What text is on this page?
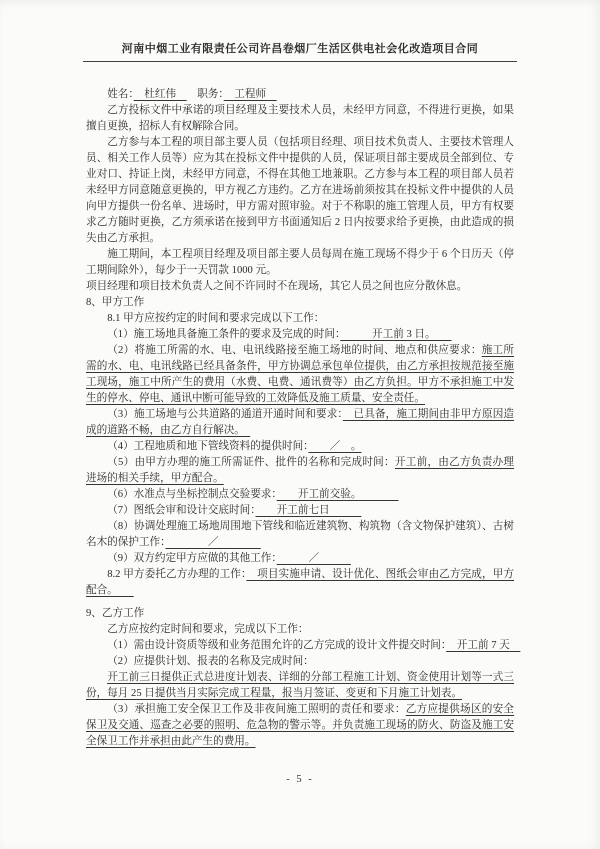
河南中烟工业有限责任公司许昌卷烟厂生活区供电社会化改造项目合同

姓名：　杜红伟　　职务：　工程师　

乙方投标文件中承诺的项目经理及主要技术人员，未经甲方同意，不得进行更换，如果擅自更换，招标人有权解除合同。

乙方参与本工程的项目部主要人员（包括项目经理、项目技术负责人、主要技术管理人员、相关工作人员等）应为其在投标文件中提供的人员，保证项目部主要成员全部到位、专业对口、持证上岗，未经甲方同意，不得在其他工地兼职。乙方参与本工程的项目部人员若未经甲方同意随意更换的，甲方视乙方违约。乙方在进场前须按其在投标文件中提供的人员向甲方提供一份名单、进场时，甲方需对照审验。对于不称职的施工管理人员，甲方有权要求乙方随时更换，乙方须承诺在接到甲方书面通知后 2 日内按要求给予更换，由此造成的损失由乙方承担。

施工期间，本工程项目经理及项目部主要人员每周在施工现场不得少于 6 个日历天（停工期间除外），每少于一天罚款 1000 元。

项目经理和项目技术负责人之间不许同时不在现场，其它人员之间也应分散休息。

8、甲方工作

8.1 甲方应按约定的时间和要求完成以下工作：

（1）施工场地具备施工条件的要求及完成的时间：　　　开工前 3 日。　　

（2）将施工所需的水、电、电讯线路接至施工场地的时间、地点和供应要求：施工所需的水、电、电讯线路已经具备条件，甲方协调总承包单位提供，由乙方承担按规范接至施工现场，施工中所产生的费用（水费、电费、通讯费等）由乙方负担。甲方不承担施工中发生的停水、停电、通讯中断可能导致的工效降低及施工质量、安全责任。

（3）施工场地与公共道路的通道开通时间和要求：　已具备，施工期间由非甲方原因造成的道路不畅，由乙方自行解决。　

（4）工程地质和地下管线资料的提供时间：　　／　。

（5）由甲方办理的施工所需证件、批件的名称和完成时间：开工前，由乙方负责办理进场的相关手续，甲方配合。

（6）水准点与坐标控制点交验要求：　　开工前交验。　　　　

（7）图纸会审和设计交底时间：　　开工前七日　　　

（8）协调处理施工场地周围地下管线和临近建筑物、构筑物（含文物保护建筑）、古树名木的保护工作：　　　　／　　　　

（9）双方约定甲方应做的其他工作：　　　／　　　

8.2 甲方委托乙方办理的工作：　项目实施申请、设计优化、图纸会审由乙方完成，甲方配合。　　

9、乙方工作

乙方应按约定时间和要求，完成以下工作：

（1）需由设计资质等级和业务范围允许的乙方完成的设计文件提交时间：　开工前 7 天　

（2）应提供计划、报表的名称及完成时间：

开工前三日提供正式总进度计划表、详细的分部工程施工计划、资金使用计划等一式三份，每月 25 日提供当月实际完成工程量，报当月签证、变更和下月施工计划表。

（3）承担施工安全保卫工作及非夜间施工照明的责任和要求：乙方应提供场区的安全保卫及交通、巡查之必要的照明、危急物的警示等。并负责施工现场的防火、防盗及施工安全保卫工作并承担由此产生的费用。

- 5 -
